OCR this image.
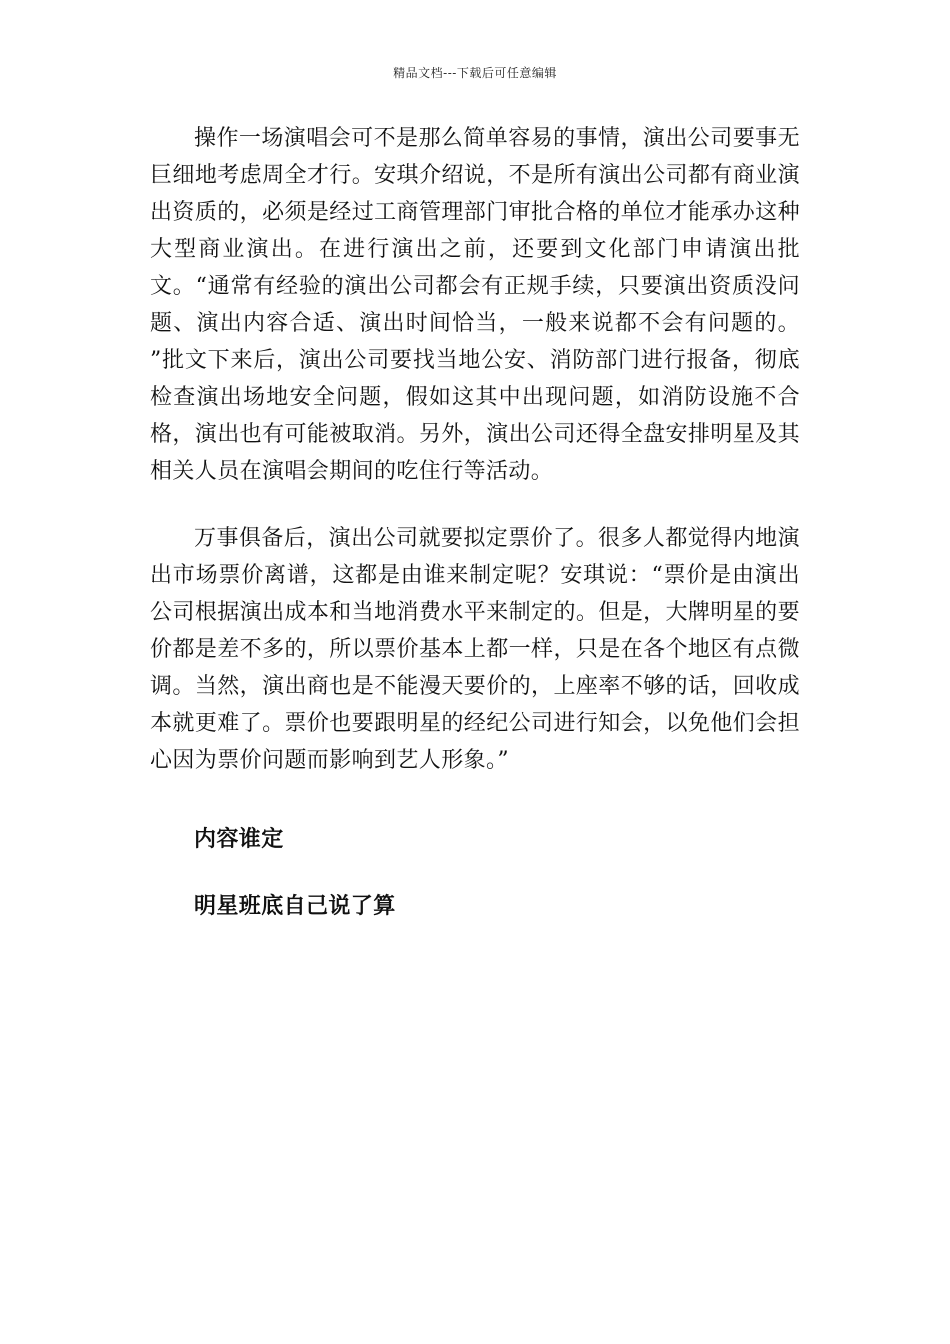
精品文档---下载后可任意编辑

操作一场演唱会可不是那么简单容易的事情，演出公司要事无巨细地考虑周全才行。安琪介绍说，不是所有演出公司都有商业演出资质的，必须是经过工商管理部门审批合格的单位才能承办这种大型商业演出。在进行演出之前，还要到文化部门申请演出批文。“通常有经验的演出公司都会有正规手续，只要演出资质没问题、演出内容合适、演出时间恰当，一般来说都不会有问题的。 ”批文下来后，演出公司要找当地公安、消防部门进行报备，彻底检查演出场地安全问题，假如这其中出现问题，如消防设施不合格，演出也有可能被取消。另外，演出公司还得全盘安排明星及其相关人员在演唱会期间的吃住行等活动。

万事俱备后，演出公司就要拟定票价了。很多人都觉得内地演出市场票价离谱，这都是由谁来制定呢？安琪说：“票价是由演出公司根据演出成本和当地消费水平来制定的。但是，大牌明星的要价都是差不多的，所以票价基本上都一样，只是在各个地区有点微调。当然，演出商也是不能漫天要价的，上座率不够的话，回收成本就更难了。票价也要跟明星的经纪公司进行知会，以免他们会担心因为票价问题而影响到艺人形象。”

内容谁定

明星班底自己说了算
